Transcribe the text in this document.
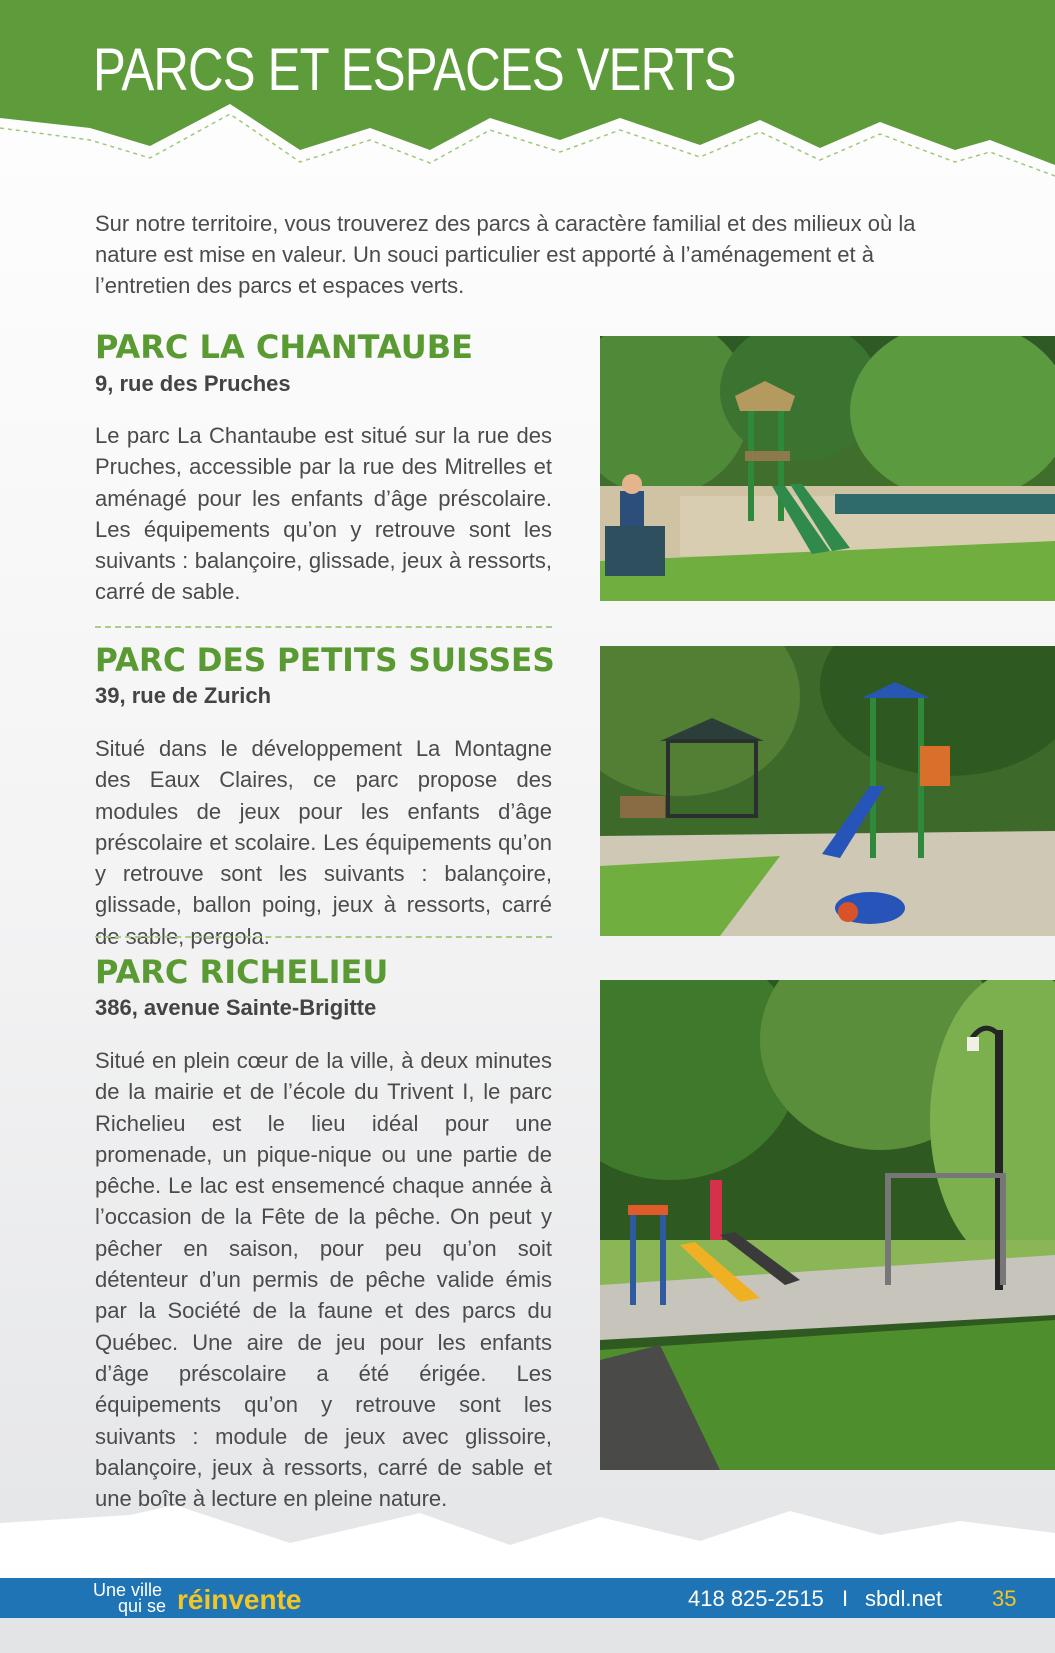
PARCS ET ESPACES VERTS

Sur notre territoire, vous trouverez des parcs à caractère familial et des milieux où la nature est mise en valeur. Un souci particulier est apporté à l’aménagement et à l’entretien des parcs et espaces verts.

PARC LA CHANTAUBE
9, rue des Pruches

Le parc La Chantaube est situé sur la rue des Pruches, accessible par la rue des Mitrelles et aménagé pour les enfants d’âge préscolaire. Les équipements qu’on y retrouve sont les suivants : balançoire, glissade, jeux à ressorts, carré de sable.

PARC DES PETITS SUISSES
39, rue de Zurich

Situé dans le développement La Montagne des Eaux Claires, ce parc propose des modules de jeux pour les enfants d’âge préscolaire et scolaire. Les équipements qu’on y retrouve sont les suivants : balançoire, glissade, ballon poing, jeux à ressorts, carré de sable, pergola.

PARC RICHELIEU
386, avenue Sainte-Brigitte

Situé en plein cœur de la ville, à deux minutes de la mairie et de l’école du Trivent I, le parc Richelieu est le lieu idéal pour une promenade, un pique-nique ou une partie de pêche. Le lac est ensemencé chaque année à l’occasion de la Fête de la pêche. On peut y pêcher en saison, pour peu qu’on soit détenteur d’un permis de pêche valide émis par la Société de la faune et des parcs du Québec. Une aire de jeu pour les enfants d’âge préscolaire a été érigée. Les équipements qu’on y retrouve sont les suivants : module de jeux avec glissoire, balançoire, jeux à ressorts, carré de sable et une boîte à lecture en pleine nature.

Une ville
qui se réinvente	418 825-2515 I sbdl.net 35
